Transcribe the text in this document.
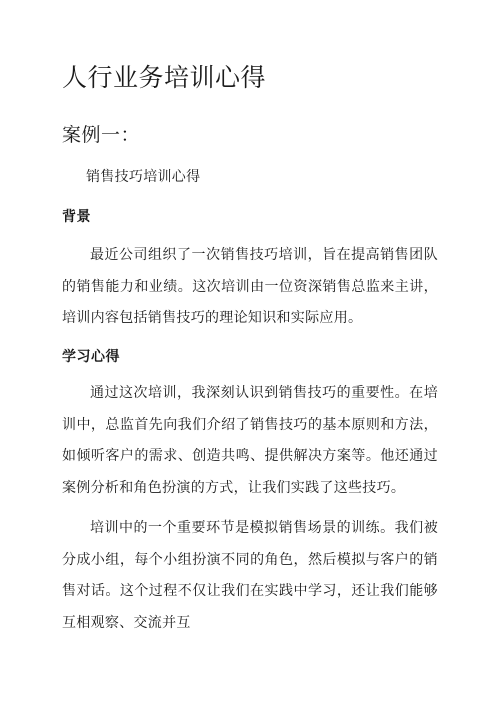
人行业务培训心得
案例一：

销售技巧培训心得

背景

最近公司组织了一次销售技巧培训，旨在提高销售团队的销售能力和业绩。这次培训由一位资深销售总监来主讲，培训内容包括销售技巧的理论知识和实际应用。

学习心得

通过这次培训，我深刻认识到销售技巧的重要性。在培训中，总监首先向我们介绍了销售技巧的基本原则和方法，如倾听客户的需求、创造共鸣、提供解决方案等。他还通过案例分析和角色扮演的方式，让我们实践了这些技巧。

培训中的一个重要环节是模拟销售场景的训练。我们被分成小组，每个小组扮演不同的角色，然后模拟与客户的销售对话。这个过程不仅让我们在实践中学习，还让我们能够互相观察、交流并互
